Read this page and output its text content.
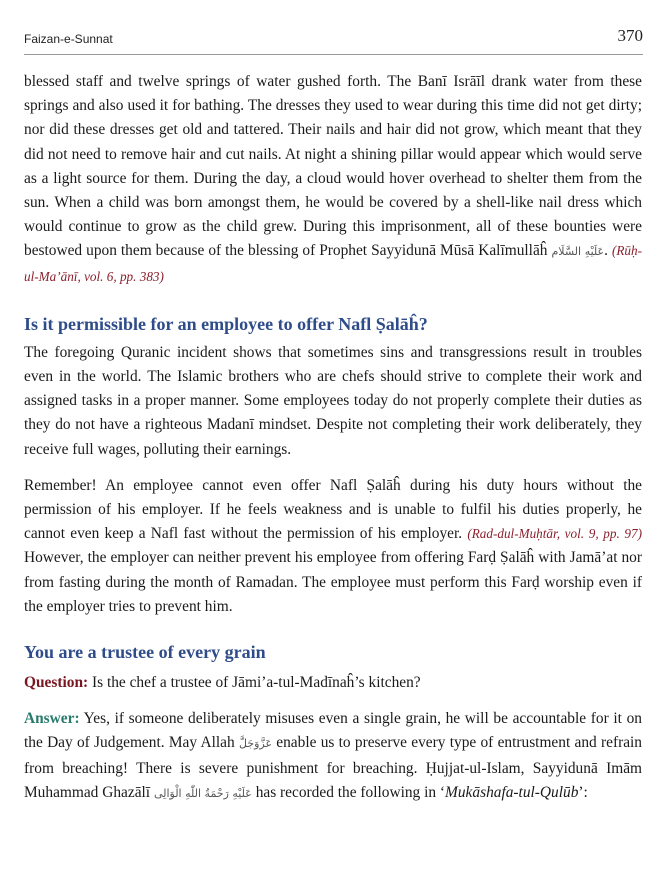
Faizan-e-Sunnat	370

blessed staff and twelve springs of water gushed forth. The Banī Isrāīl drank water from these springs and also used it for bathing. The dresses they used to wear during this time did not get dirty; nor did these dresses get old and tattered. Their nails and hair did not grow, which meant that they did not need to remove hair and cut nails. At night a shining pillar would appear which would serve as a light source for them. During the day, a cloud would hover overhead to shelter them from the sun. When a child was born amongst them, he would be covered by a shell-like nail dress which would continue to grow as the child grew. During this imprisonment, all of these bounties were bestowed upon them because of the blessing of Prophet Sayyidunā Mūsā Kalīmullāĥ عَلَيْهِ السَّلَام. (Rūḥ-ul-Ma’ānī, vol. 6, pp. 383)

Is it permissible for an employee to offer Nafl Ṣalāĥ?

The foregoing Quranic incident shows that sometimes sins and transgressions result in troubles even in the world. The Islamic brothers who are chefs should strive to complete their work and assigned tasks in a proper manner. Some employees today do not properly complete their duties as they do not have a righteous Madanī mindset. Despite not completing their work deliberately, they receive full wages, polluting their earnings.

Remember! An employee cannot even offer Nafl Ṣalāĥ during his duty hours without the permission of his employer. If he feels weakness and is unable to fulfil his duties properly, he cannot even keep a Nafl fast without the permission of his employer. (Rad-dul-Muḥtār, vol. 9, pp. 97) However, the employer can neither prevent his employee from offering Farḍ Ṣalāĥ with Jamā’at nor from fasting during the month of Ramadan. The employee must perform this Farḍ worship even if the employer tries to prevent him.

You are a trustee of every grain

Question: Is the chef a trustee of Jāmi’a-tul-Madīnaĥ’s kitchen?

Answer: Yes, if someone deliberately misuses even a single grain, he will be accountable for it on the Day of Judgement. May Allah عَزَّوَجَلَّ enable us to preserve every type of entrustment and refrain from breaching! There is severe punishment for breaching. Ḥujjat-ul-Islam, Sayyidunā Imām Muhammad Ghazālī عَلَيْهِ رَحْمَةُ اللّٰهِ الْوَالِى has recorded the following in ‘Mukāshafa-tul-Qulūb’:
